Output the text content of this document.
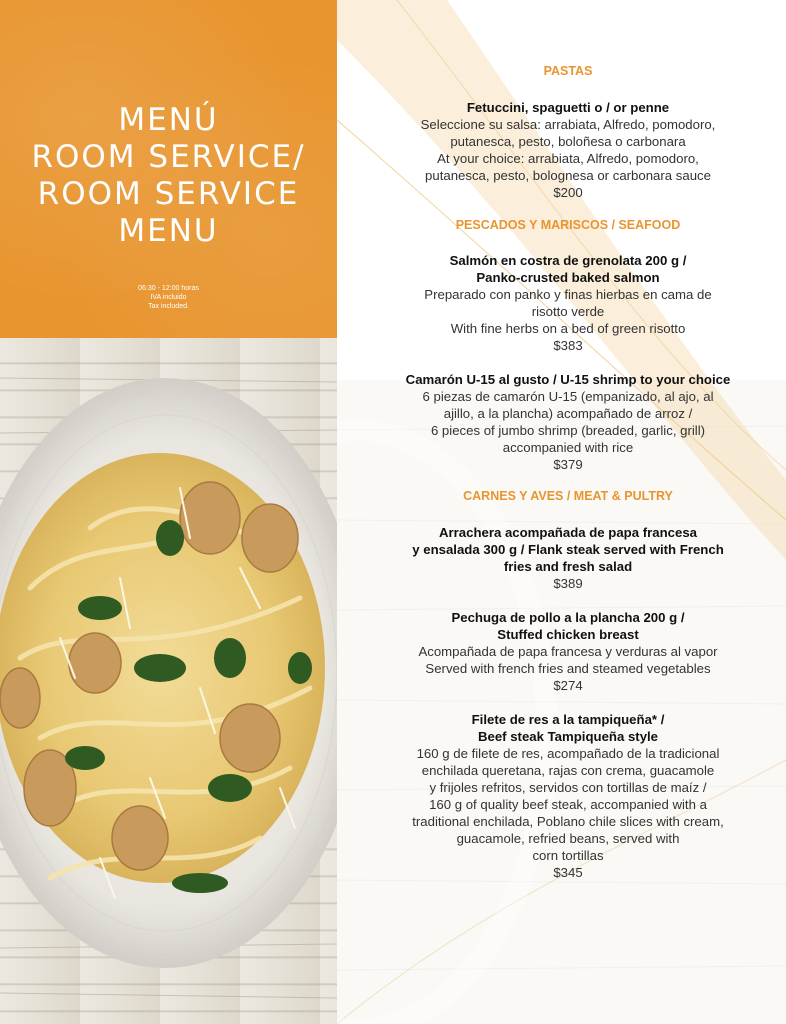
MENÚ
ROOM SERVICE/
ROOM SERVICE
MENU
06:30 - 12:00 horas
IVA incluido
Tax included.
PASTAS
Fetuccini, spaguetti o / or penne
Seleccione su salsa: arrabiata, Alfredo, pomodoro,
putanesca, pesto, boloñesa o carbonara
At your choice: arrabiata, Alfredo, pomodoro,
putanesca, pesto, bolognesa or carbonara sauce
$200
PESCADOS Y MARISCOS / SEAFOOD
Salmón en costra de grenolata 200 g /
Panko-crusted baked salmon
Preparado con panko y finas hierbas en cama de
risotto verde
With fine herbs on a bed of green risotto
$383
Camarón U-15 al gusto / U-15 shrimp to your choice
6 piezas de camarón U-15 (empanizado, al ajo, al
ajillo, a la plancha) acompañado de arroz /
6 pieces of jumbo shrimp (breaded, garlic, grill)
accompanied with rice
$379
CARNES Y AVES / MEAT & PULTRY
Arrachera acompañada de papa francesa
y ensalada 300 g / Flank steak served with French
fries and fresh salad
$389
Pechuga de pollo a la plancha 200 g /
Stuffed chicken breast
Acompañada de papa francesa y verduras al vapor
Served with french fries and steamed vegetables
$274
Filete de res a la tampiqueña* /
Beef steak Tampiqueña style
160 g de filete de res, acompañado de la tradicional
enchilada queretana, rajas con crema, guacamole
y frijoles refritos, servidos con tortillas de maíz /
160 g of quality beef steak, accompanied with a
traditional enchilada, Poblano chile slices with cream,
guacamole, refried beans, served with
corn tortillas
$345
